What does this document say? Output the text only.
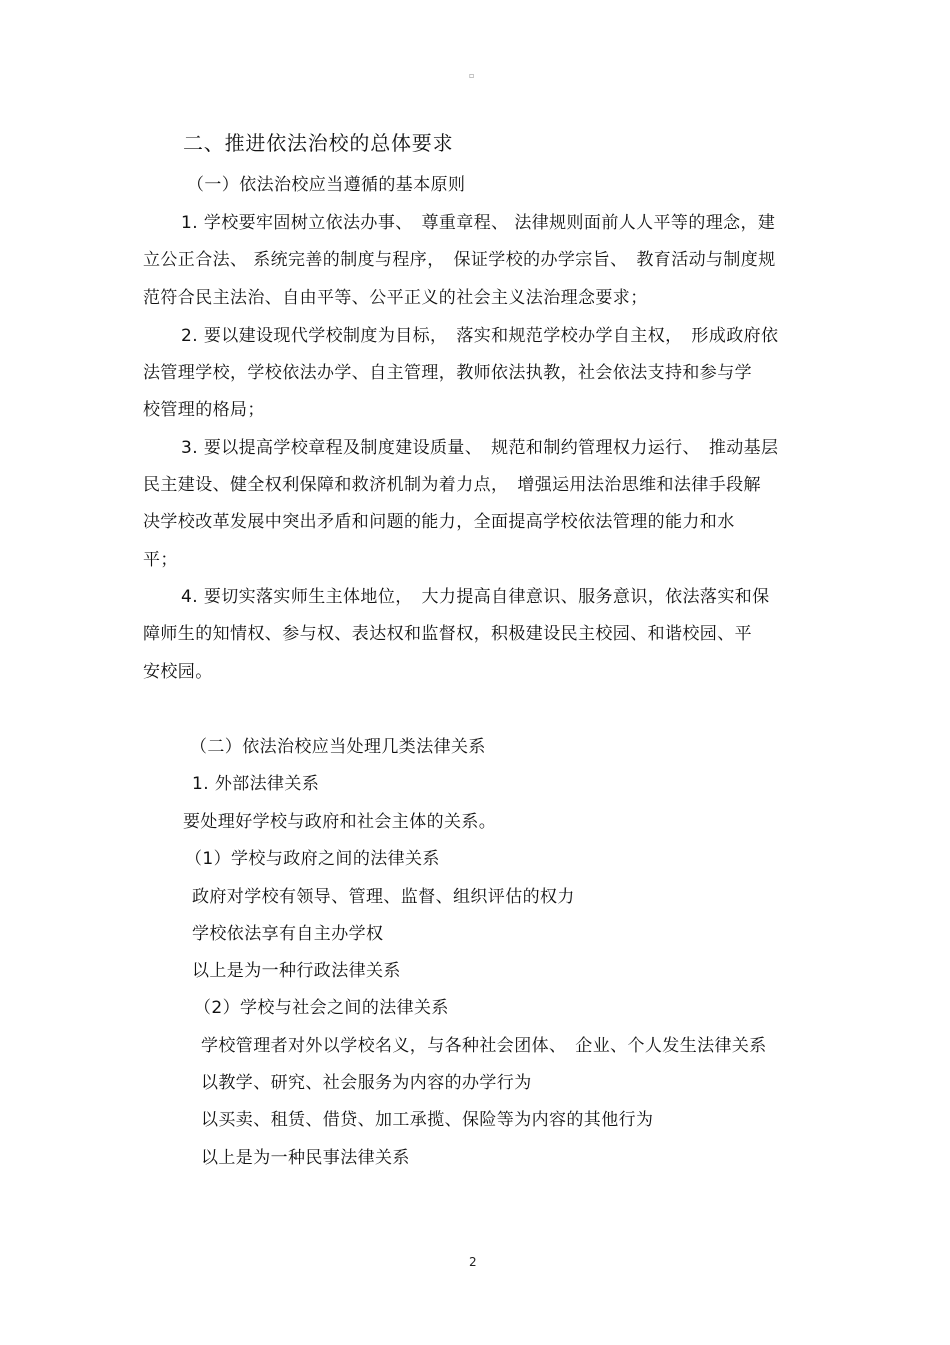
▫
二、推进依法治校的总体要求
（一）依法治校应当遵循的基本原则
1. 学校要牢固树立依法办事、　尊重章程、 法律规则面前人人平等的理念，建
立公正合法、 系统完善的制度与程序，　保证学校的办学宗旨、　教育活动与制度规
范符合民主法治、自由平等、公平正义的社会主义法治理念要求；
2. 要以建设现代学校制度为目标，　落实和规范学校办学自主权，　形成政府依
法管理学校，学校依法办学、自主管理，教师依法执教，社会依法支持和参与学
校管理的格局；
3. 要以提高学校章程及制度建设质量、　规范和制约管理权力运行、　推动基层
民主建设、健全权利保障和救济机制为着力点，　增强运用法治思维和法律手段解
决学校改革发展中突出矛盾和问题的能力，全面提高学校依法管理的能力和水
平；
4. 要切实落实师生主体地位，　大力提高自律意识、服务意识，依法落实和保
障师生的知情权、参与权、表达权和监督权，积极建设民主校园、和谐校园、平
安校园。
（二）依法治校应当处理几类法律关系
1. 外部法律关系
要处理好学校与政府和社会主体的关系。
（1）学校与政府之间的法律关系
政府对学校有领导、管理、监督、组织评估的权力
学校依法享有自主办学权
以上是为一种行政法律关系
（2）学校与社会之间的法律关系
学校管理者对外以学校名义，与各种社会团体、　企业、个人发生法律关系
以教学、研究、社会服务为内容的办学行为
以买卖、租赁、借贷、加工承揽、保险等为内容的其他行为
以上是为一种民事法律关系
2
